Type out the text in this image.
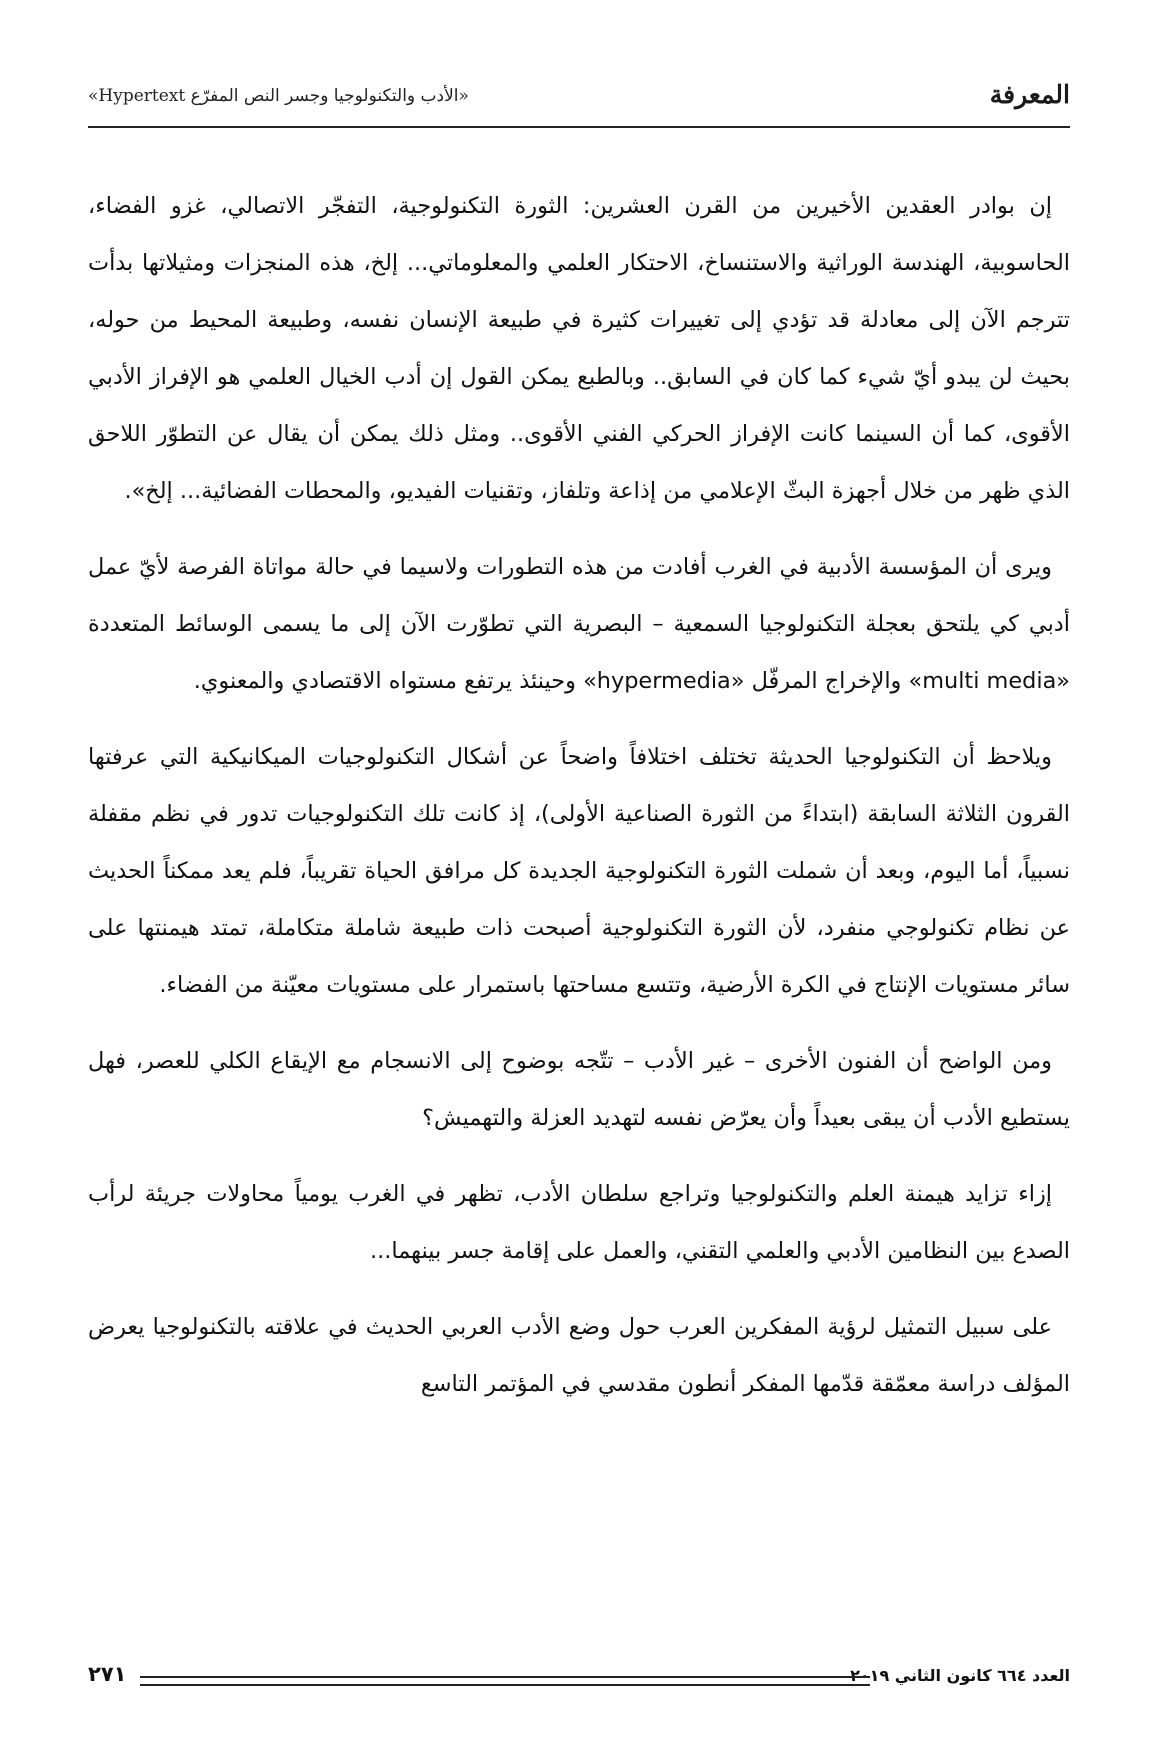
المعرفة
«الأدب والتكنولوجيا وجسر النص المفرّع Hypertext»

إن بوادر العقدين الأخيرين من القرن العشرين: الثورة التكنولوجية، التفجّر الاتصالي، غزو الفضاء، الحاسوبية، الهندسة الوراثية والاستنساخ، الاحتكار العلمي والمعلوماتي... إلخ، هذه المنجزات ومثيلاتها بدأت تترجم الآن إلى معادلة قد تؤدي إلى تغييرات كثيرة في طبيعة الإنسان نفسه، وطبيعة المحيط من حوله، بحيث لن يبدو أيّ شيء كما كان في السابق.. وبالطبع يمكن القول إن أدب الخيال العلمي هو الإفراز الأدبي الأقوى، كما أن السينما كانت الإفراز الحركي الفني الأقوى.. ومثل ذلك يمكن أن يقال عن التطوّر اللاحق الذي ظهر من خلال أجهزة البثّ الإعلامي من إذاعة وتلفاز، وتقنيات الفيديو، والمحطات الفضائية... إلخ».

ويرى أن المؤسسة الأدبية في الغرب أفادت من هذه التطورات ولاسيما في حالة مواتاة الفرصة لأيّ عمل أدبي كي يلتحق بعجلة التكنولوجيا السمعية – البصرية التي تطوّرت الآن إلى ما يسمى الوسائط المتعددة «multi media» والإخراج المرفّل «hypermedia» وحينئذ يرتفع مستواه الاقتصادي والمعنوي.

ويلاحظ أن التكنولوجيا الحديثة تختلف اختلافاً واضحاً عن أشكال التكنولوجيات الميكانيكية التي عرفتها القرون الثلاثة السابقة (ابتداءً من الثورة الصناعية الأولى)، إذ كانت تلك التكنولوجيات تدور في نظم مقفلة نسبياً، أما اليوم، وبعد أن شملت الثورة التكنولوجية الجديدة كل مرافق الحياة تقريباً، فلم يعد ممكناً الحديث عن نظام تكنولوجي منفرد، لأن الثورة التكنولوجية أصبحت ذات طبيعة شاملة متكاملة، تمتد هيمنتها على سائر مستويات الإنتاج في الكرة الأرضية، وتتسع مساحتها باستمرار على مستويات معيّنة من الفضاء.

ومن الواضح أن الفنون الأخرى – غير الأدب – تتّجه بوضوح إلى الانسجام مع الإيقاع الكلي للعصر، فهل يستطيع الأدب أن يبقى بعيداً وأن يعرّض نفسه لتهديد العزلة والتهميش؟

إزاء تزايد هيمنة العلم والتكنولوجيا وتراجع سلطان الأدب، تظهر في الغرب يومياً محاولات جريئة لرأب الصدع بين النظامين الأدبي والعلمي التقني، والعمل على إقامة جسر بينهما...

على سبيل التمثيل لرؤية المفكرين العرب حول وضع الأدب العربي الحديث في علاقته بالتكنولوجيا يعرض المؤلف دراسة معمّقة قدّمها المفكر أنطون مقدسي في المؤتمر التاسع

العدد ٦٦٤ كانون الثاني ٢٠١٩
٢٧١
